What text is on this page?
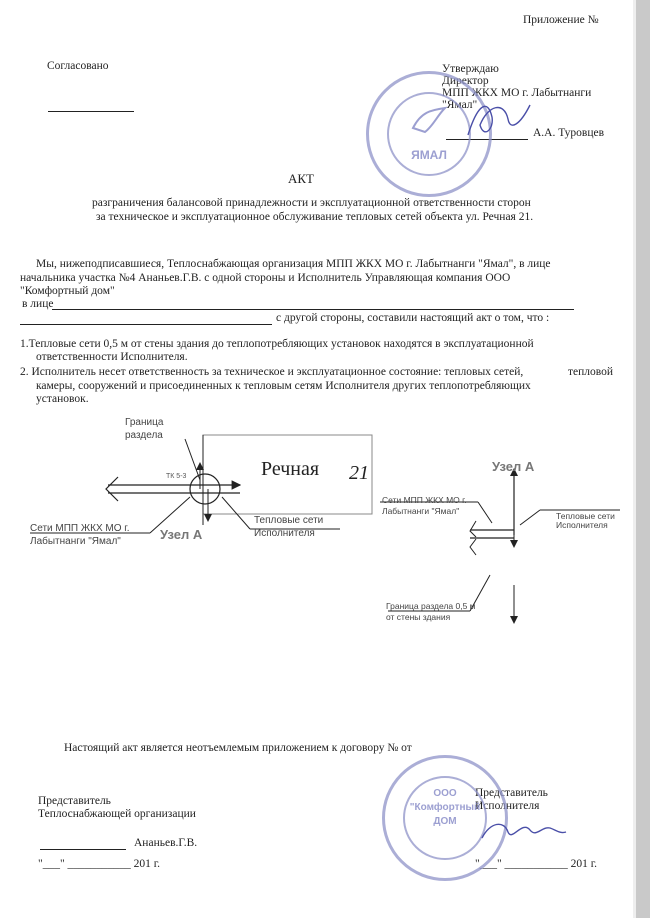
Приложение №
Согласовано	Утверждаю
Директор
МПП ЖКХ МО г. Лабытнанги
"Ямал"
А.А. Туровцев
ЯМАЛ
АКТ
разграничения балансовой принадлежности и эксплуатационной ответственности сторон
за техническое и эксплуатационное обслуживание тепловых сетей объекта ул. Речная 21.
Мы, нижеподписавшиеся, Теплоснабжающая организация МПП ЖКХ МО г. Лабытнанги "Ямал", в лице
начальника участка №4 Ананьев.Г.В. с одной стороны и Исполнитель Управляющая компания ООО
"Комфортный дом"
в лице
с другой стороны, составили настоящий акт о том, что :
1.Тепловые сети 0,5 м от стены здания до теплопотребляющих установок находятся в эксплуатационной
ответственности Исполнителя.
2. Исполнитель несет ответственность за техническое и эксплуатационное состояние: тепловых сетей,	тепловой
камеры, сооружений и присоединенных к тепловым сетям Исполнителя других теплопотребляющих
установок.
Граница
раздела
Речная 21
ТК 5-3
Сети МПП ЖКХ МО г.
Лабытнанги "Ямал"	Узел А
Тепловые сети
Исполнителя
Узел А
Сети МПП ЖКХ МО г.
Лабытнанги "Ямал"	Тепловые сети
Исполнителя
Граница раздела 0,5 м
от стены здания
Настоящий акт является неотъемлемым приложением к договору № от
Представитель
Теплоснабжающей организации
Ананьев.Г.В.
"___" ___________ 201 г.
Представитель
Исполнителя
"___" ___________ 201 г.
ООО
"Комфортный
ДОМ
